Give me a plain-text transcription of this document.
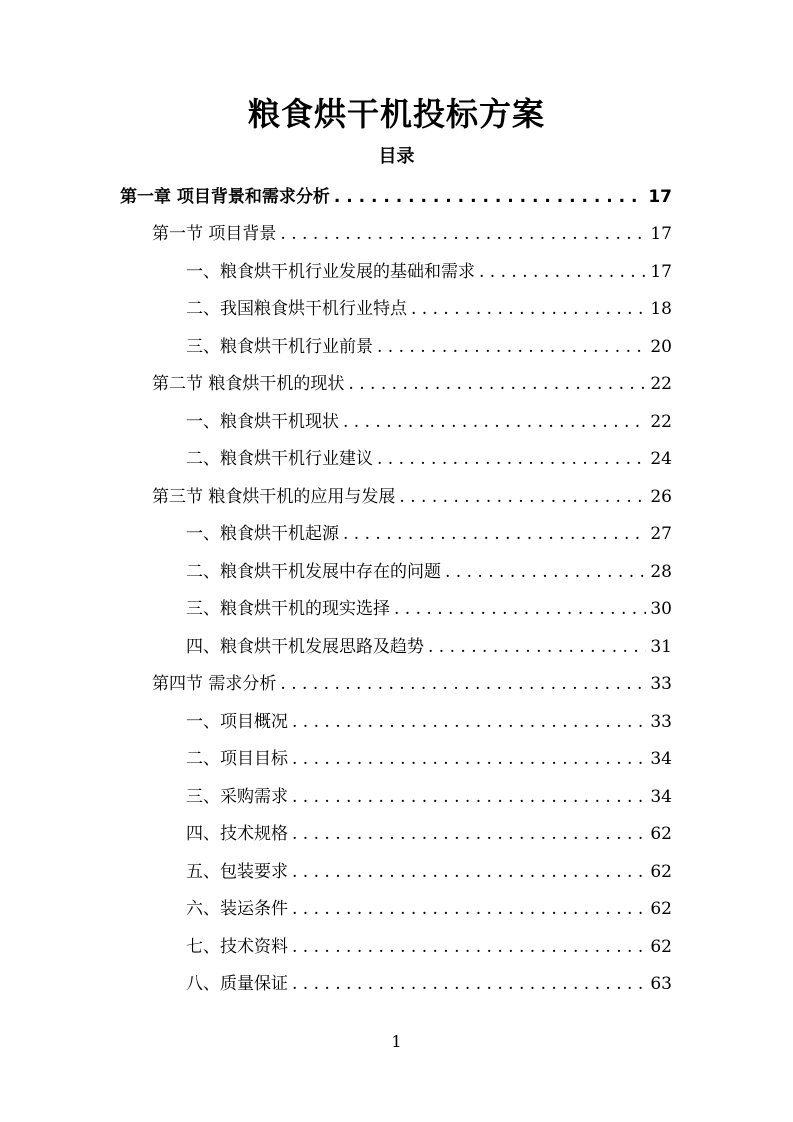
粮食烘干机投标方案
目录
第一章 项目背景和需求分析 . . .	17
第一节 项目背景 . . .	17
一、粮食烘干机行业发展的基础和需求 . . .	17
二、我国粮食烘干机行业特点 . . .	18
三、粮食烘干机行业前景 . . .	20
第二节 粮食烘干机的现状 . . .	22
一、粮食烘干机现状 . . .	22
二、粮食烘干机行业建议 . . .	24
第三节 粮食烘干机的应用与发展 . . .	26
一、粮食烘干机起源 . . .	27
二、粮食烘干机发展中存在的问题 . . .	28
三、粮食烘干机的现实选择 . . .	30
四、粮食烘干机发展思路及趋势 . . .	31
第四节 需求分析 . . .	33
一、项目概况 . . .	33
二、项目目标 . . .	34
三、采购需求 . . .	34
四、技术规格 . . .	62
五、包装要求 . . .	62
六、装运条件 . . .	62
七、技术资料 . . .	62
八、质量保证 . . .	63
1
